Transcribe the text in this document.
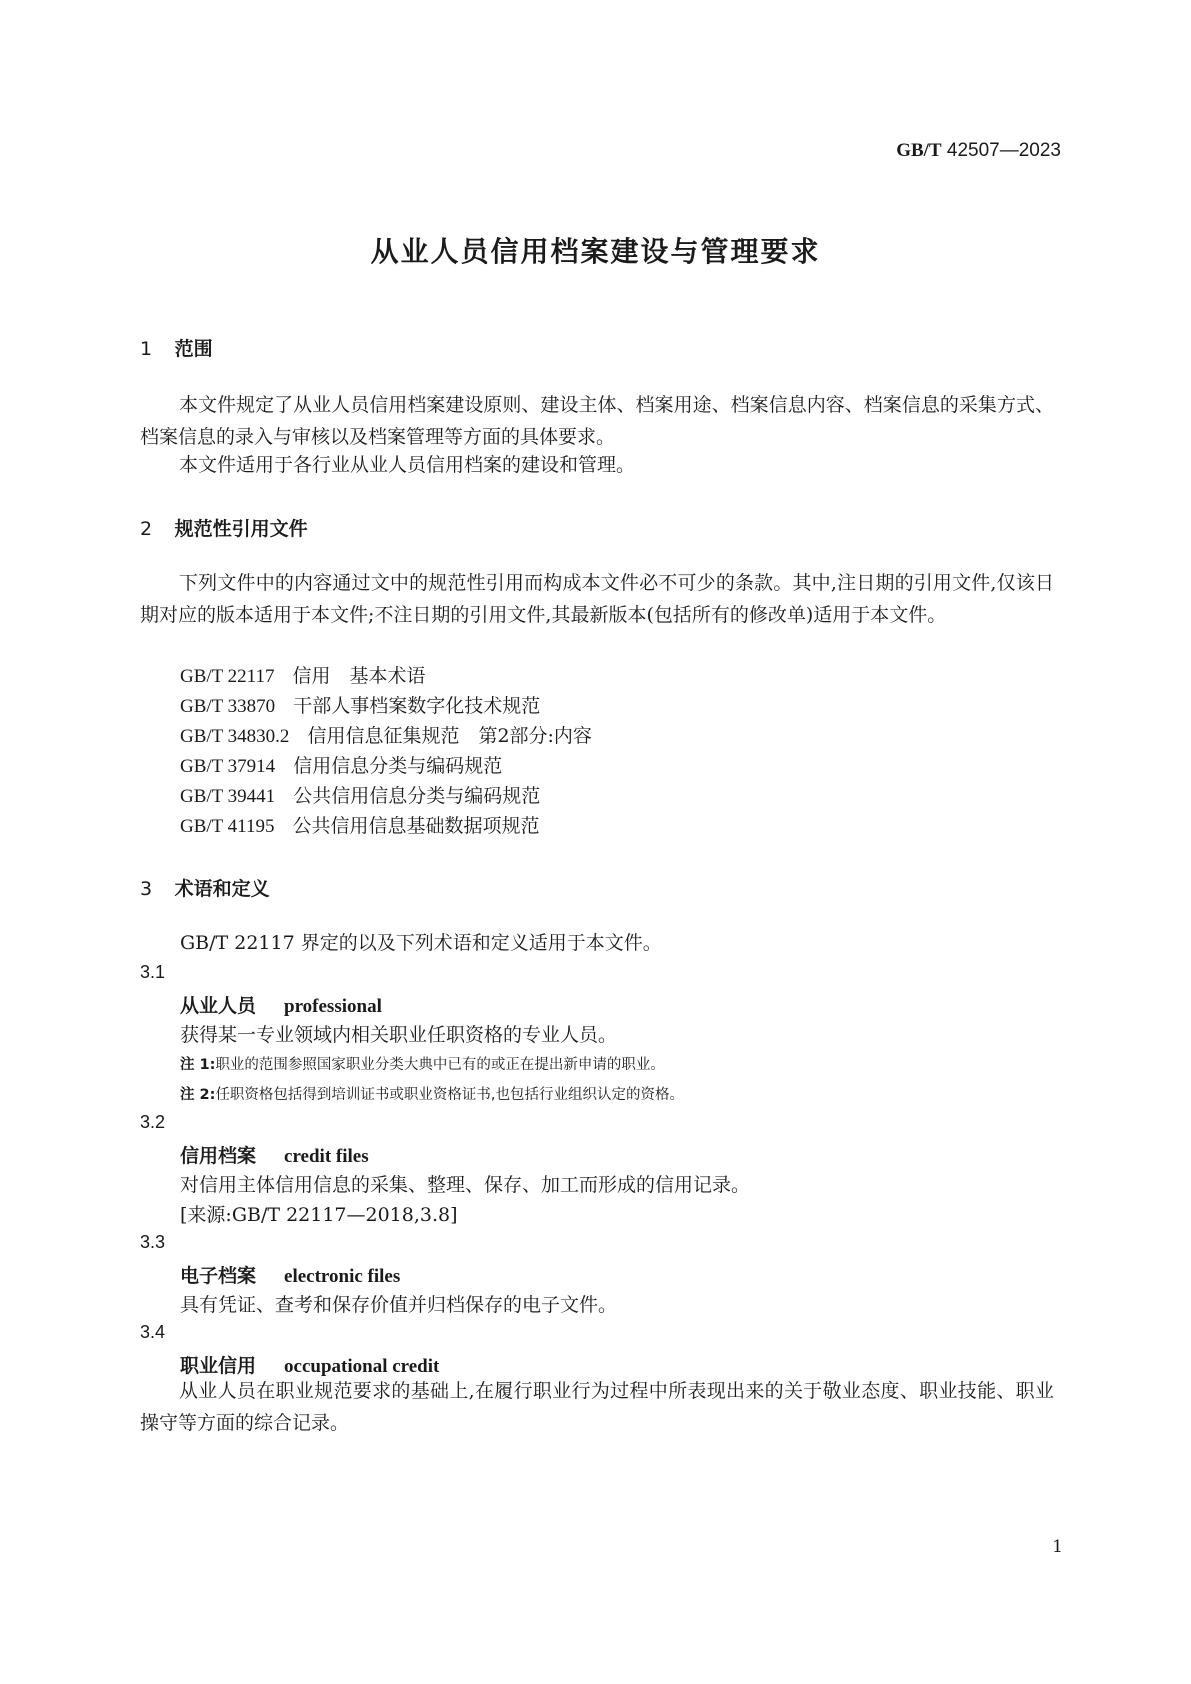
GB/T 42507—2023
从业人员信用档案建设与管理要求
1 范围
本文件规定了从业人员信用档案建设原则、建设主体、档案用途、档案信息内容、档案信息的采集方式、档案信息的录入与审核以及档案管理等方面的具体要求。
本文件适用于各行业从业人员信用档案的建设和管理。
2 规范性引用文件
下列文件中的内容通过文中的规范性引用而构成本文件必不可少的条款。其中,注日期的引用文件,仅该日期对应的版本适用于本文件;不注日期的引用文件,其最新版本(包括所有的修改单)适用于本文件。
GB/T 22117 信用　基本术语
GB/T 33870 干部人事档案数字化技术规范
GB/T 34830.2 信用信息征集规范　第2部分:内容
GB/T 37914 信用信息分类与编码规范
GB/T 39441 公共信用信息分类与编码规范
GB/T 41195 公共信用信息基础数据项规范
3 术语和定义
GB/T 22117 界定的以及下列术语和定义适用于本文件。
3.1
从业人员 professional
获得某一专业领域内相关职业任职资格的专业人员。
注 1:职业的范围参照国家职业分类大典中已有的或正在提出新申请的职业。
注 2:任职资格包括得到培训证书或职业资格证书,也包括行业组织认定的资格。
3.2
信用档案 credit files
对信用主体信用信息的采集、整理、保存、加工而形成的信用记录。
[来源:GB/T 22117—2018,3.8]
3.3
电子档案 electronic files
具有凭证、查考和保存价值并归档保存的电子文件。
3.4
职业信用 occupational credit
从业人员在职业规范要求的基础上,在履行职业行为过程中所表现出来的关于敬业态度、职业技能、职业操守等方面的综合记录。
1
